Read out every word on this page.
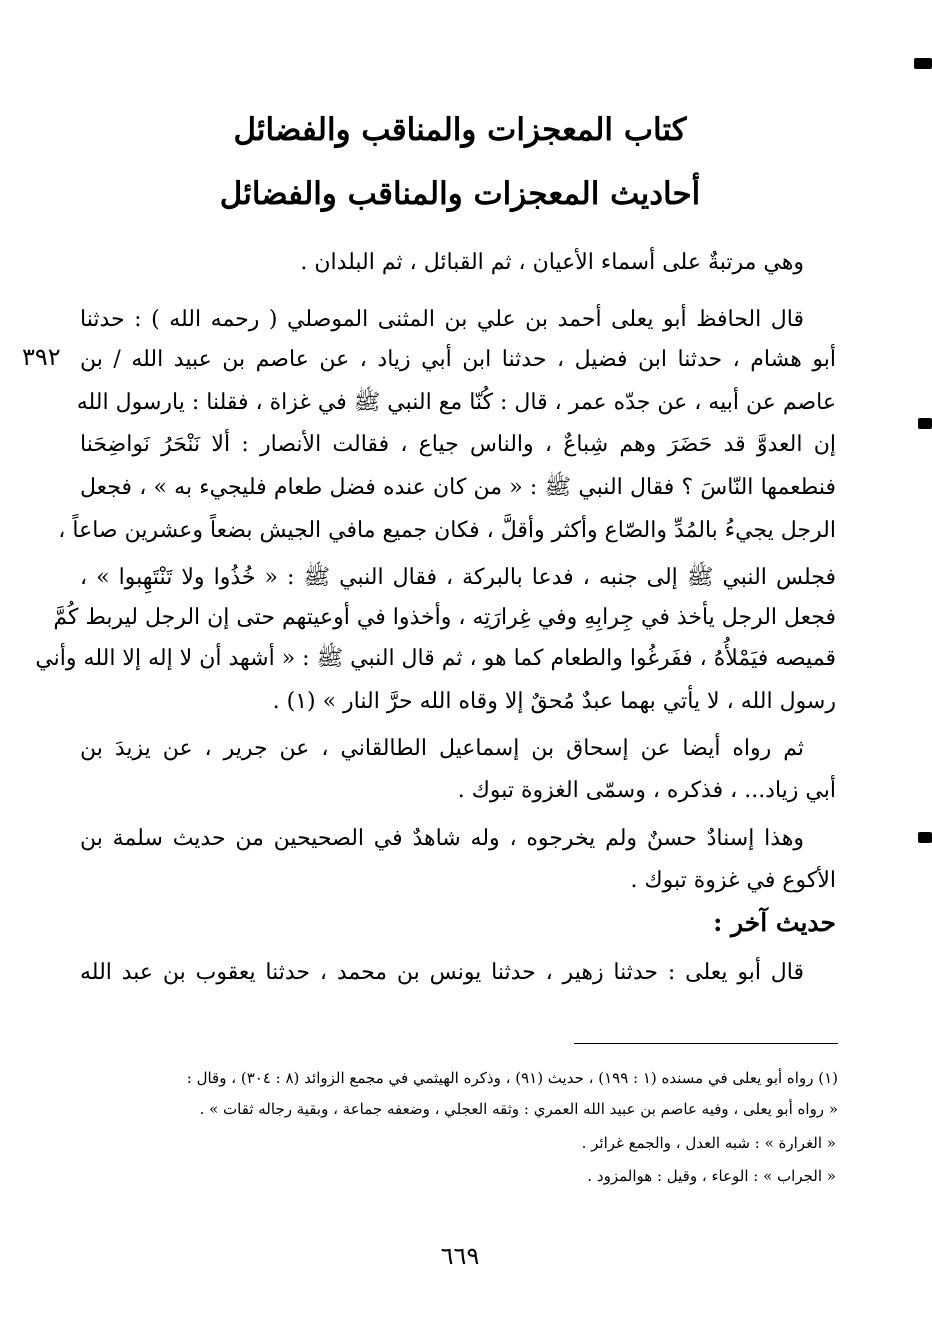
كتاب المعجزات والمناقب والفضائل
أحاديث المعجزات والمناقب والفضائل
وهي مرتبةٌ على أسماء الأعيان ، ثم القبائل ، ثم البلدان .
٣٩٢
قال الحافظ أبو يعلى أحمد بن علي بن المثنى الموصلي ( رحمه الله ) : حدثنا
أبو هشام ، حدثنا ابن فضيل ، حدثنا ابن أبي زياد ، عن عاصم بن عبيد الله / بن
عاصم عن أبيه ، عن جدّه عمر ، قال : كُنّا مع النبي ﷺ في غزاة ، فقلنا : يارسول الله
إن العدوَّ قد حَضَرَ وهم شِباعٌ ، والناس جياع ، فقالت الأنصار : ألا نَنْحَرُ نَواضِحَنا
فنطعمها النّاسَ ؟ فقال النبي ﷺ : « من كان عنده فضل طعام فليجيء به » ، فجعل
الرجل يجيءُ بالمُدِّ والصّاع وأكثر وأقلَّ ، فكان جميع مافي الجيش بضعاً وعشرين صاعاً ،
فجلس النبي ﷺ إلى جنبه ، فدعا بالبركة ، فقال النبي ﷺ : « خُذُوا ولا تَنْتَهِبوا » ،
فجعل الرجل يأخذ في جِرابِهِ وفي غِرارَتِه ، وأخذوا في أوعيتهم حتى إن الرجل ليربط كُمَّ
قميصه فيَمْلأُهُ ، ففَرغُوا والطعام كما هو ، ثم قال النبي ﷺ : « أشهد أن لا إله إلا الله وأني
رسول الله ، لا يأتي بهما عبدٌ مُحقٌ إلا وقاه الله حرَّ النار » (١) .
ثم رواه أيضا عن إسحاق بن إسماعيل الطالقاني ، عن جرير ، عن يزيدَ بن
أبي زياد... ، فذكره ، وسمّى الغزوة تبوك .
وهذا إسنادٌ حسنٌ ولم يخرجوه ، وله شاهدٌ في الصحيحين من حديث سلمة بن
الأكوع في غزوة تبوك .
حديث آخر :
قال أبو يعلى : حدثنا زهير ، حدثنا يونس بن محمد ، حدثنا يعقوب بن عبد الله
(١) رواه أبو يعلى في مسنده (١ : ١٩٩) ، حديث (٩١) ، وذكره الهيثمي في مجمع الزوائد (٨ : ٣٠٤) ، وقال :
« رواه أبو يعلى ، وفيه عاصم بن عبيد الله العمري : وثقه العجلي ، وضعفه جماعة ، وبقية رجاله ثقات » .
« الغرارة » : شبه العدل ، والجمع غرائر .
« الجراب » : الوعاء ، وقيل : هوالمزود .
٦٦٩
